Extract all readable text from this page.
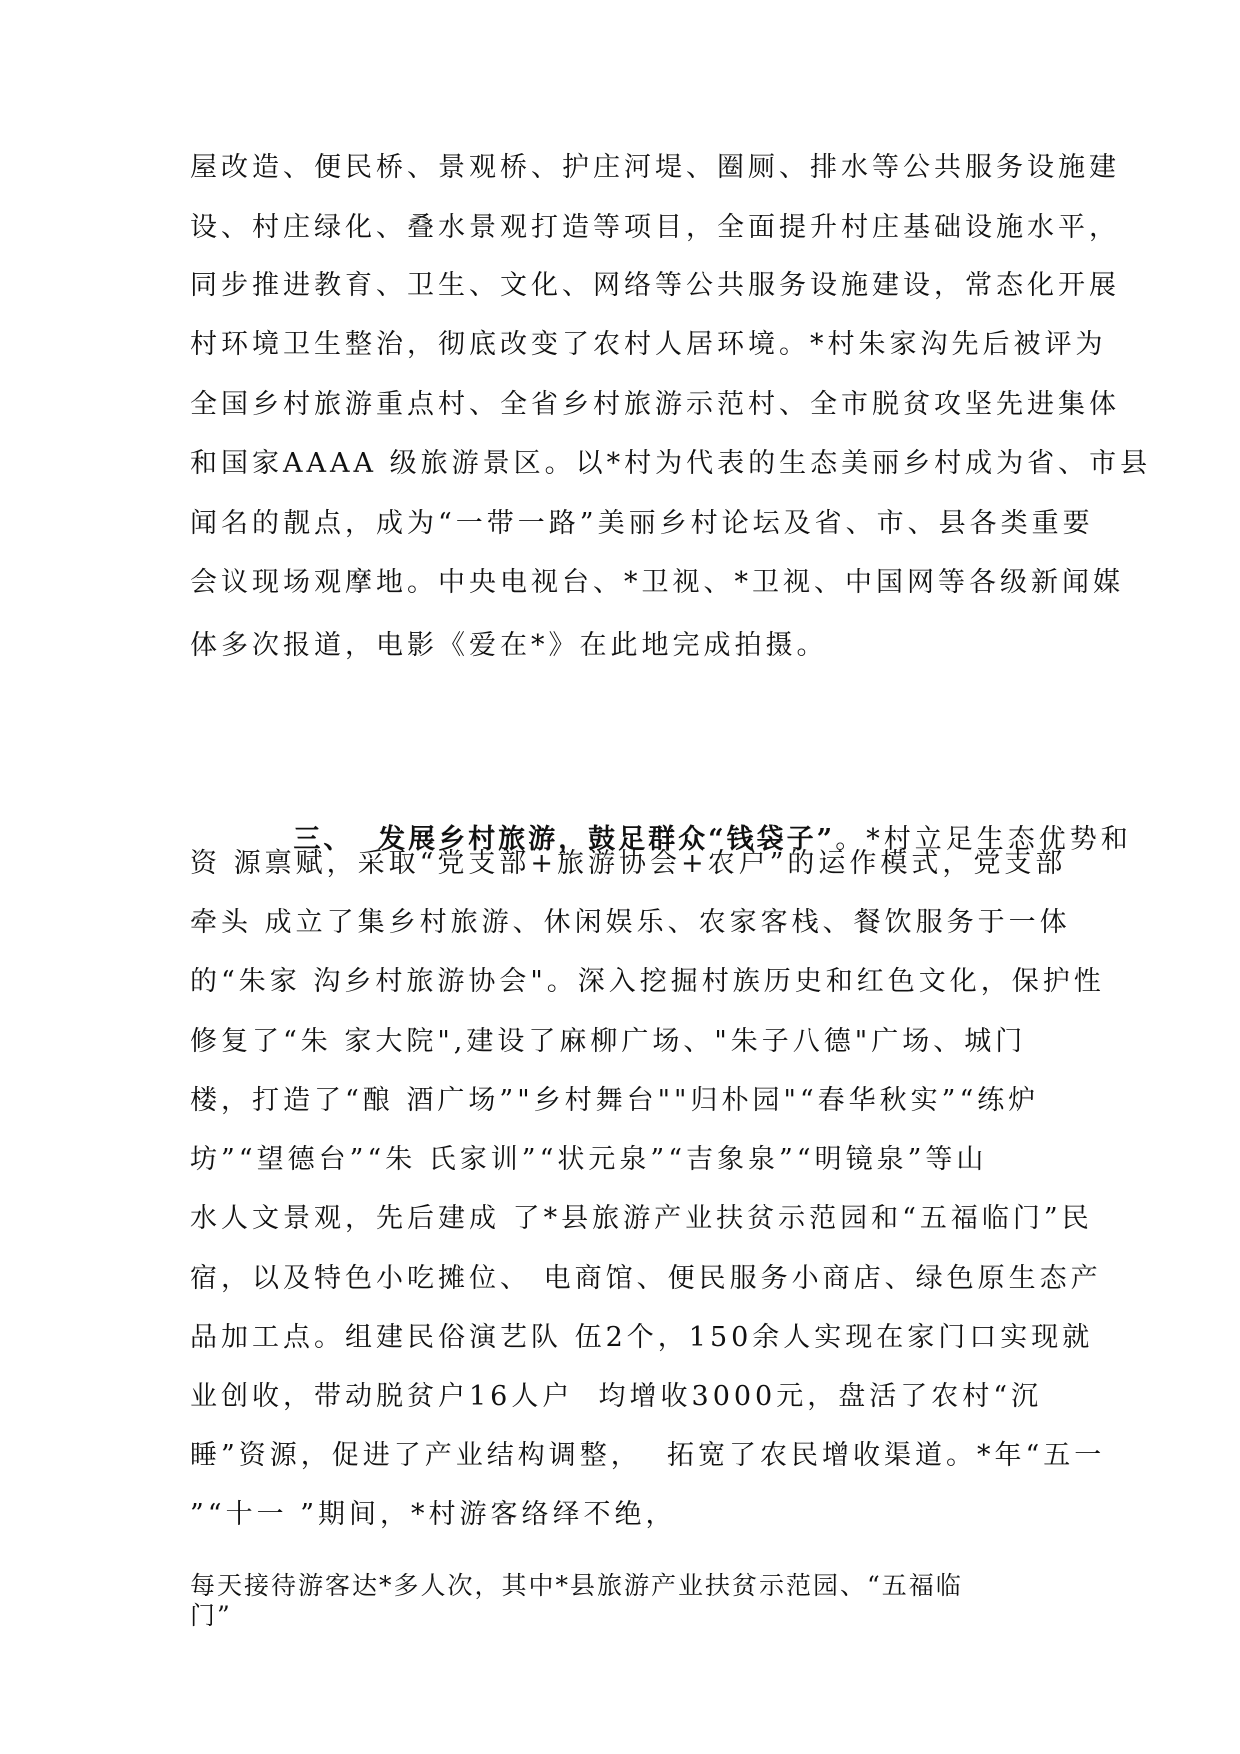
屋改造、便民桥、景观桥、护庄河堤、圈厕、排水等公共服务设施建
设、村庄绿化、叠水景观打造等项目，全面提升村庄基础设施水平，
同步推进教育、卫生、文化、网络等公共服务设施建设，常态化开展
村环境卫生整治，彻底改变了农村人居环境。*村朱家沟先后被评为
全国乡村旅游重点村、全省乡村旅游示范村、全市脱贫攻坚先进集体
和国家AAAA 级旅游景区。以*村为代表的生态美丽乡村成为省、市县
闻名的靓点，成为“一带一路”美丽乡村论坛及省、市、县各类重要
会议现场观摩地。中央电视台、*卫视、*卫视、中国网等各级新闻媒
体多次报道，电影《爱在*》在此地完成拍摄。

三、  发展乡村旅游，鼓足群众“钱袋子”。*村立足生态优势和

资 源禀赋，采取“党支部+旅游协会+农户”的运作模式，党支部
牵头 成立了集乡村旅游、休闲娱乐、农家客栈、餐饮服务于一体
的“朱家 沟乡村旅游协会"。深入挖掘村族历史和红色文化，保护性
修复了“朱 家大院",建设了麻柳广场、"朱子八德"广场、城门
楼，打造了“酿 酒广场”"乡村舞台""归朴园"“春华秋实”“练炉
坊”“望德台”“朱 氏家训”“状元泉”“吉象泉”“明镜泉”等山
水人文景观，先后建成 了*县旅游产业扶贫示范园和“五福临门”民
宿，以及特色小吃摊位、 电商馆、便民服务小商店、绿色原生态产
品加工点。组建民俗演艺队 伍2个，150余人实现在家门口实现就
业创收，带动脱贫户16人户  均增收3000元，盘活了农村“沉
睡”资源，促进了产业结构调整，  拓宽了农民增收渠道。*年“五一
”“十一 ”期间，*村游客络绎不绝，
每天接待游客达*多人次，其中*县旅游产业扶贫示范园、“五福临
门”
